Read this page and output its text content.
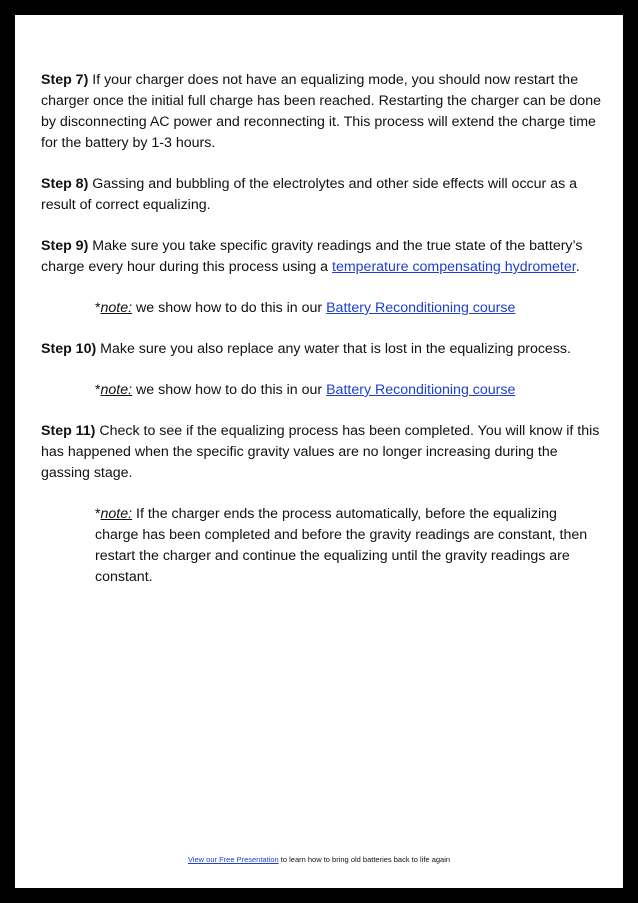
Step 7) If your charger does not have an equalizing mode, you should now restart the charger once the initial full charge has been reached. Restarting the charger can be done by disconnecting AC power and reconnecting it. This process will extend the charge time for the battery by 1-3 hours.

Step 8) Gassing and bubbling of the electrolytes and other side effects will occur as a result of correct equalizing.

Step 9) Make sure you take specific gravity readings and the true state of the battery’s charge every hour during this process using a temperature compensating hydrometer.

*note: we show how to do this in our Battery Reconditioning course

Step 10) Make sure you also replace any water that is lost in the equalizing process.

*note: we show how to do this in our Battery Reconditioning course

Step 11) Check to see if the equalizing process has been completed. You will know if this has happened when the specific gravity values are no longer increasing during the gassing stage.

*note: If the charger ends the process automatically, before the equalizing charge has been completed and before the gravity readings are constant, then restart the charger and continue the equalizing until the gravity readings are constant.

View our Free Presentation to learn how to bring old batteries back to life again
